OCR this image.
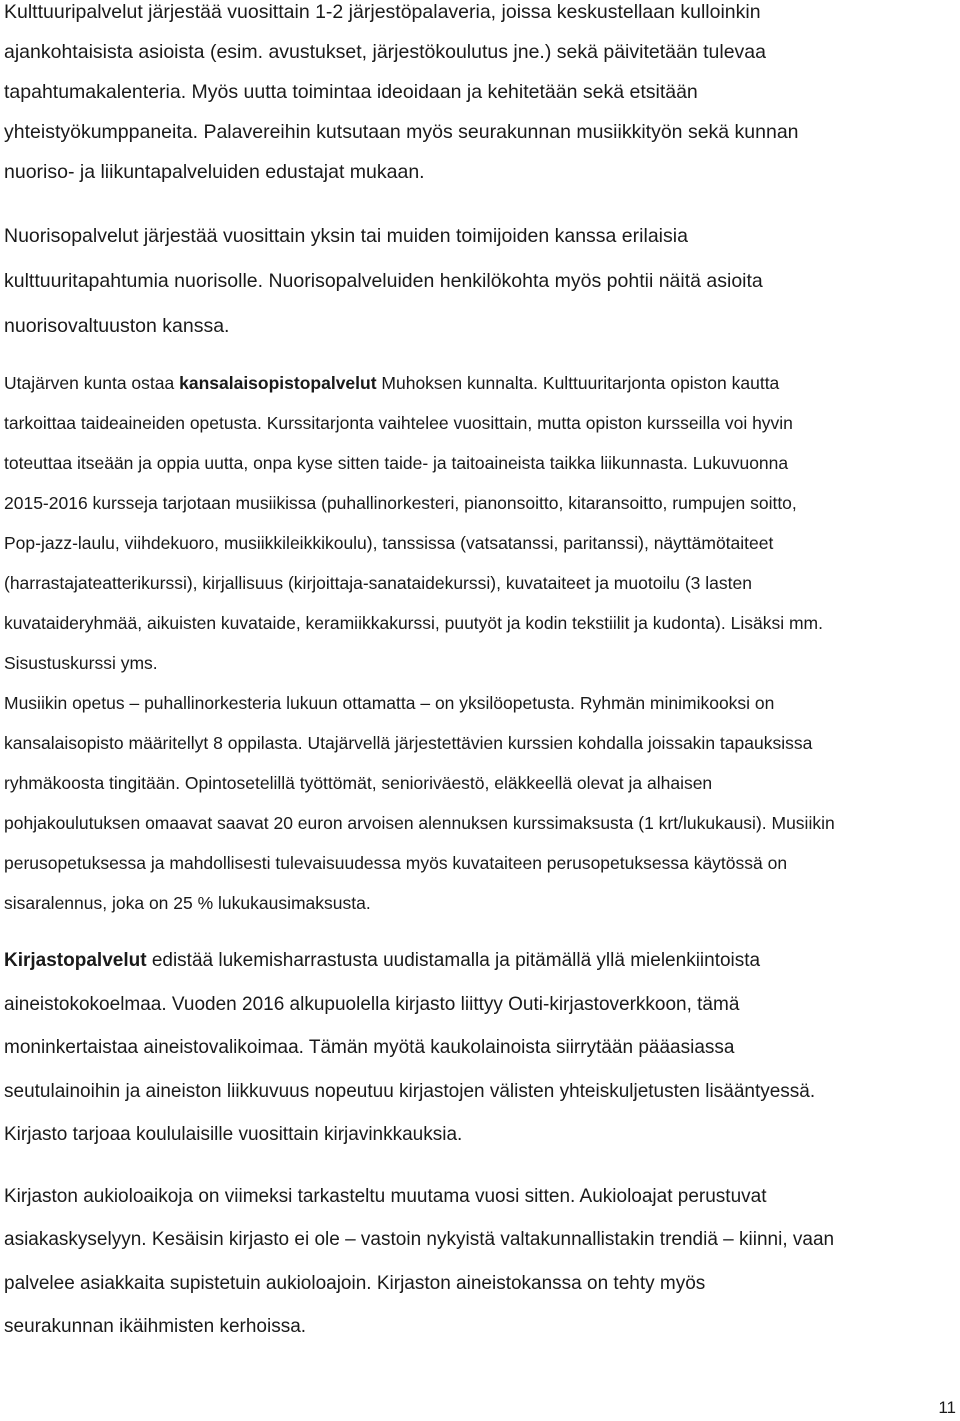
Kulttuuripalvelut järjestää vuosittain 1-2 järjestöpalaveria, joissa keskustellaan kulloinkin
ajankohtaisista asioista (esim. avustukset, järjestökoulutus jne.) sekä päivitetään tulevaa
tapahtumakalenteria. Myös uutta toimintaa ideoidaan ja kehitetään sekä etsitään
yhteistyökumppaneita. Palavereihin kutsutaan myös seurakunnan musiikkityön sekä kunnan
nuoriso- ja liikuntapalveluiden edustajat mukaan.

Nuorisopalvelut järjestää vuosittain yksin tai muiden toimijoiden kanssa erilaisia
kulttuuritapahtumia nuorisolle. Nuorisopalveluiden henkilökohta myös pohtii näitä asioita
nuorisovaltuuston kanssa.

Utajärven kunta ostaa kansalaisopistopalvelut Muhoksen kunnalta. Kulttuuritarjonta opiston kautta
tarkoittaa taideaineiden opetusta. Kurssitarjonta vaihtelee vuosittain, mutta opiston kursseilla voi hyvin
toteuttaa itseään ja oppia uutta, onpa kyse sitten taide- ja taitoaineista taikka liikunnasta. Lukuvuonna
2015-2016 kursseja tarjotaan musiikissa (puhallinorkesteri, pianonsoitto, kitaransoitto, rumpujen soitto,
Pop-jazz-laulu, viihdekuoro, musiikkileikkikoulu), tanssissa (vatsatanssi, paritanssi), näyttämötaiteet
(harrastajateatterikurssi), kirjallisuus (kirjoittaja-sanataidekurssi), kuvataiteet ja muotoilu (3 lasten
kuvataideryhmää, aikuisten kuvataide, keramiikkakurssi, puutyöt ja kodin tekstiilit ja kudonta). Lisäksi mm.
Sisustuskurssi yms.

Musiikin opetus – puhallinorkesteria lukuun ottamatta – on yksilöopetusta. Ryhmän minimikooksi on
kansalaisopisto määritellyt 8 oppilasta. Utajärvellä järjestettävien kurssien kohdalla joissakin tapauksissa
ryhmäkoosta tingitään. Opintosetelillä työttömät, senioriväestö, eläkkeellä olevat ja alhaisen
pohjakoulutuksen omaavat saavat 20 euron arvoisen alennuksen kurssimaksusta (1 krt/lukukausi). Musiikin
perusopetuksessa ja mahdollisesti tulevaisuudessa myös kuvataiteen perusopetuksessa käytössä on
sisaralennus, joka on 25 % lukukausimaksusta.

Kirjastopalvelut edistää lukemisharrastusta uudistamalla ja pitämällä yllä mielenkiintoista
aineistokokoelmaa. Vuoden 2016 alkupuolella kirjasto liittyy Outi-kirjastoverkkoon, tämä
moninkertaistaa aineistovalikoimaa. Tämän myötä kaukolainoista siirrytään pääasiassa
seutulainoihin ja aineiston liikkuvuus nopeutuu kirjastojen välisten yhteiskuljetusten lisääntyessä.
Kirjasto tarjoaa koululaisille vuosittain kirjavinkkauksia.

Kirjaston aukioloaikoja on viimeksi tarkasteltu muutama vuosi sitten. Aukioloajat perustuvat
asiakaskyselyyn. Kesäisin kirjasto ei ole – vastoin nykyistä valtakunnallistakin trendiä – kiinni, vaan
palvelee asiakkaita supistetuin aukioloajoin. Kirjaston aineistokanssa on tehty myös
seurakunnan ikäihmisten kerhoissa.

11
